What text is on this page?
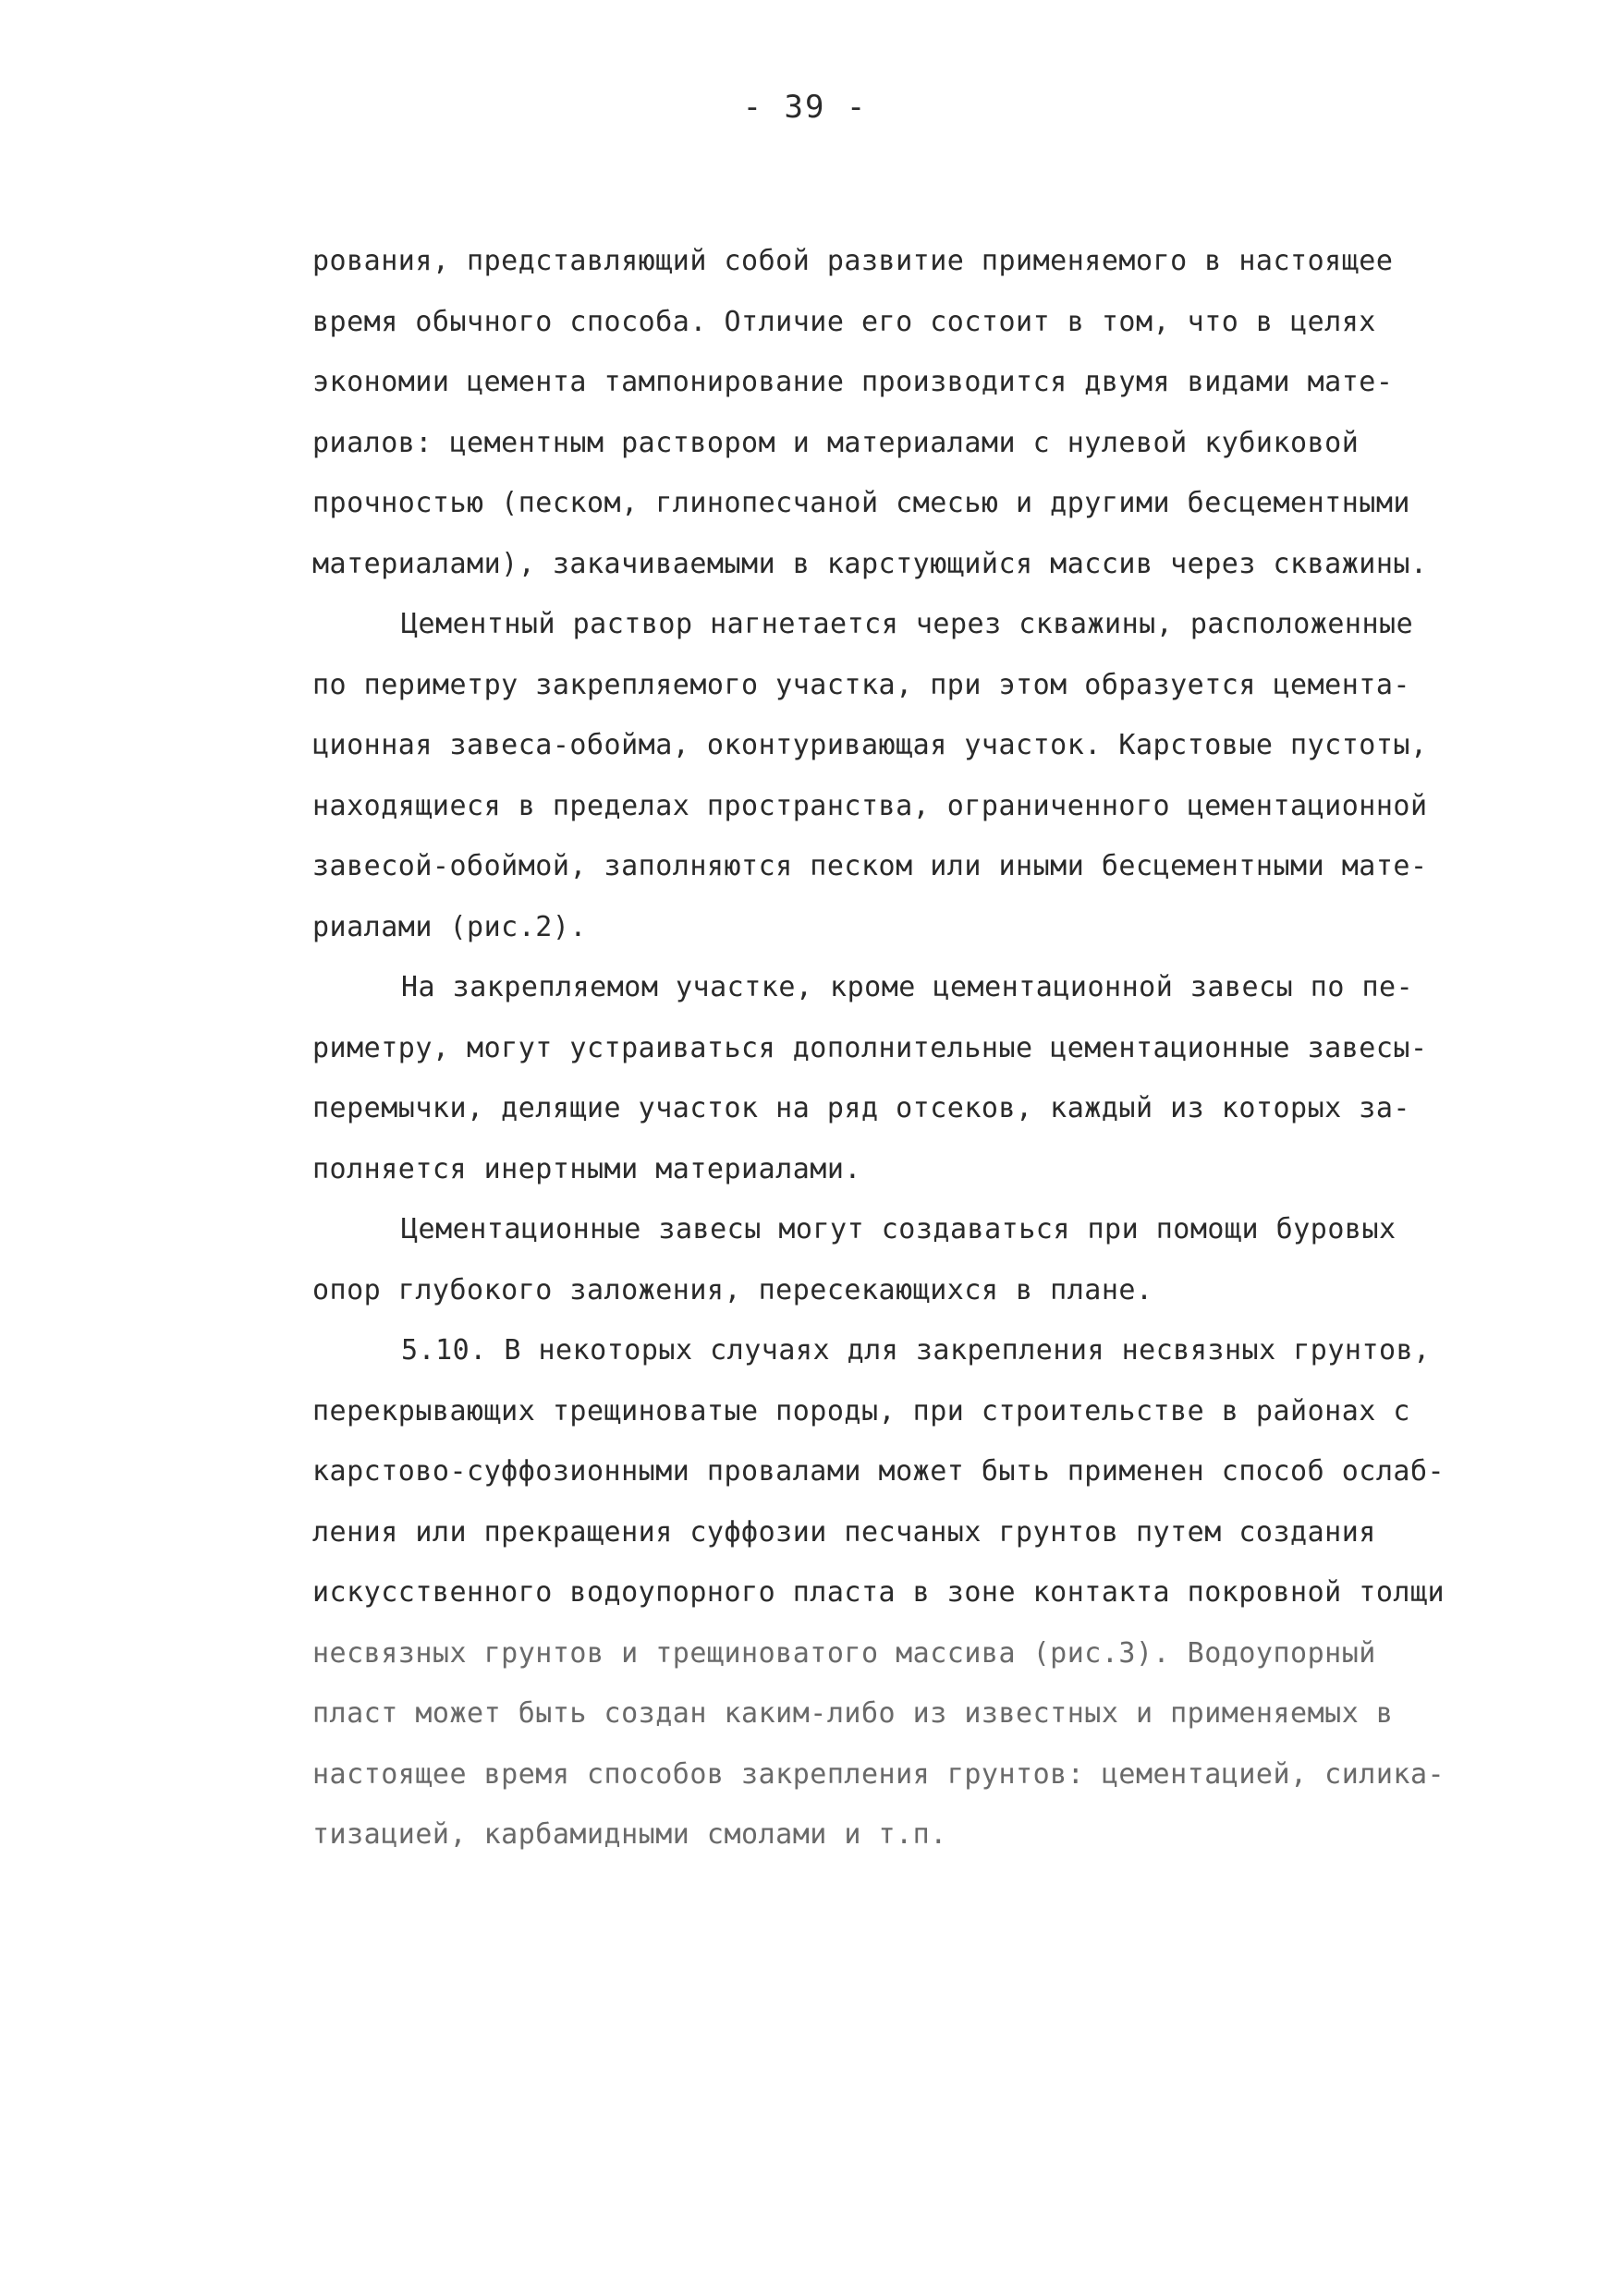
- 39 -
рования, представляющий собой развитие применяемого в настоящее
время обычного способа. Отличие его состоит в том, что в целях
экономии цемента тампонирование производится двумя видами мате-
риалов: цементным раствором и материалами с нулевой кубиковой
прочностью (песком, глинопесчаной смесью и другими бесцементными
материалами), закачиваемыми в карстующийся массив через скважины.
Цементный раствор нагнетается через скважины, расположенные
по периметру закрепляемого участка, при этом образуется цемента-
ционная завеса-обойма, оконтуривающая участок. Карстовые пустоты,
находящиеся в пределах пространства, ограниченного цементационной
завесой-обоймой, заполняются песком или иными бесцементными мате-
риалами (рис.2).
На закрепляемом участке, кроме цементационной завесы по пе-
риметру, могут устраиваться дополнительные цементационные завесы-
перемычки, делящие участок на ряд отсеков, каждый из которых за-
полняется инертными материалами.
Цементационные завесы могут создаваться при помощи буровых
опор глубокого заложения, пересекающихся в плане.
5.10. В некоторых случаях для закрепления несвязных грунтов,
перекрывающих трещиноватые породы, при строительстве в районах с
карстово-суффозионными провалами может быть применен способ ослаб-
ления или прекращения суффозии песчаных грунтов путем создания
искусственного водоупорного пласта в зоне контакта покровной толщи
несвязных грунтов и трещиноватого массива (рис.3). Водоупорный
пласт может быть создан каким-либо из известных и применяемых в
настоящее время способов закрепления грунтов: цементацией, силика-
тизацией, карбамидными смолами и т.п.
